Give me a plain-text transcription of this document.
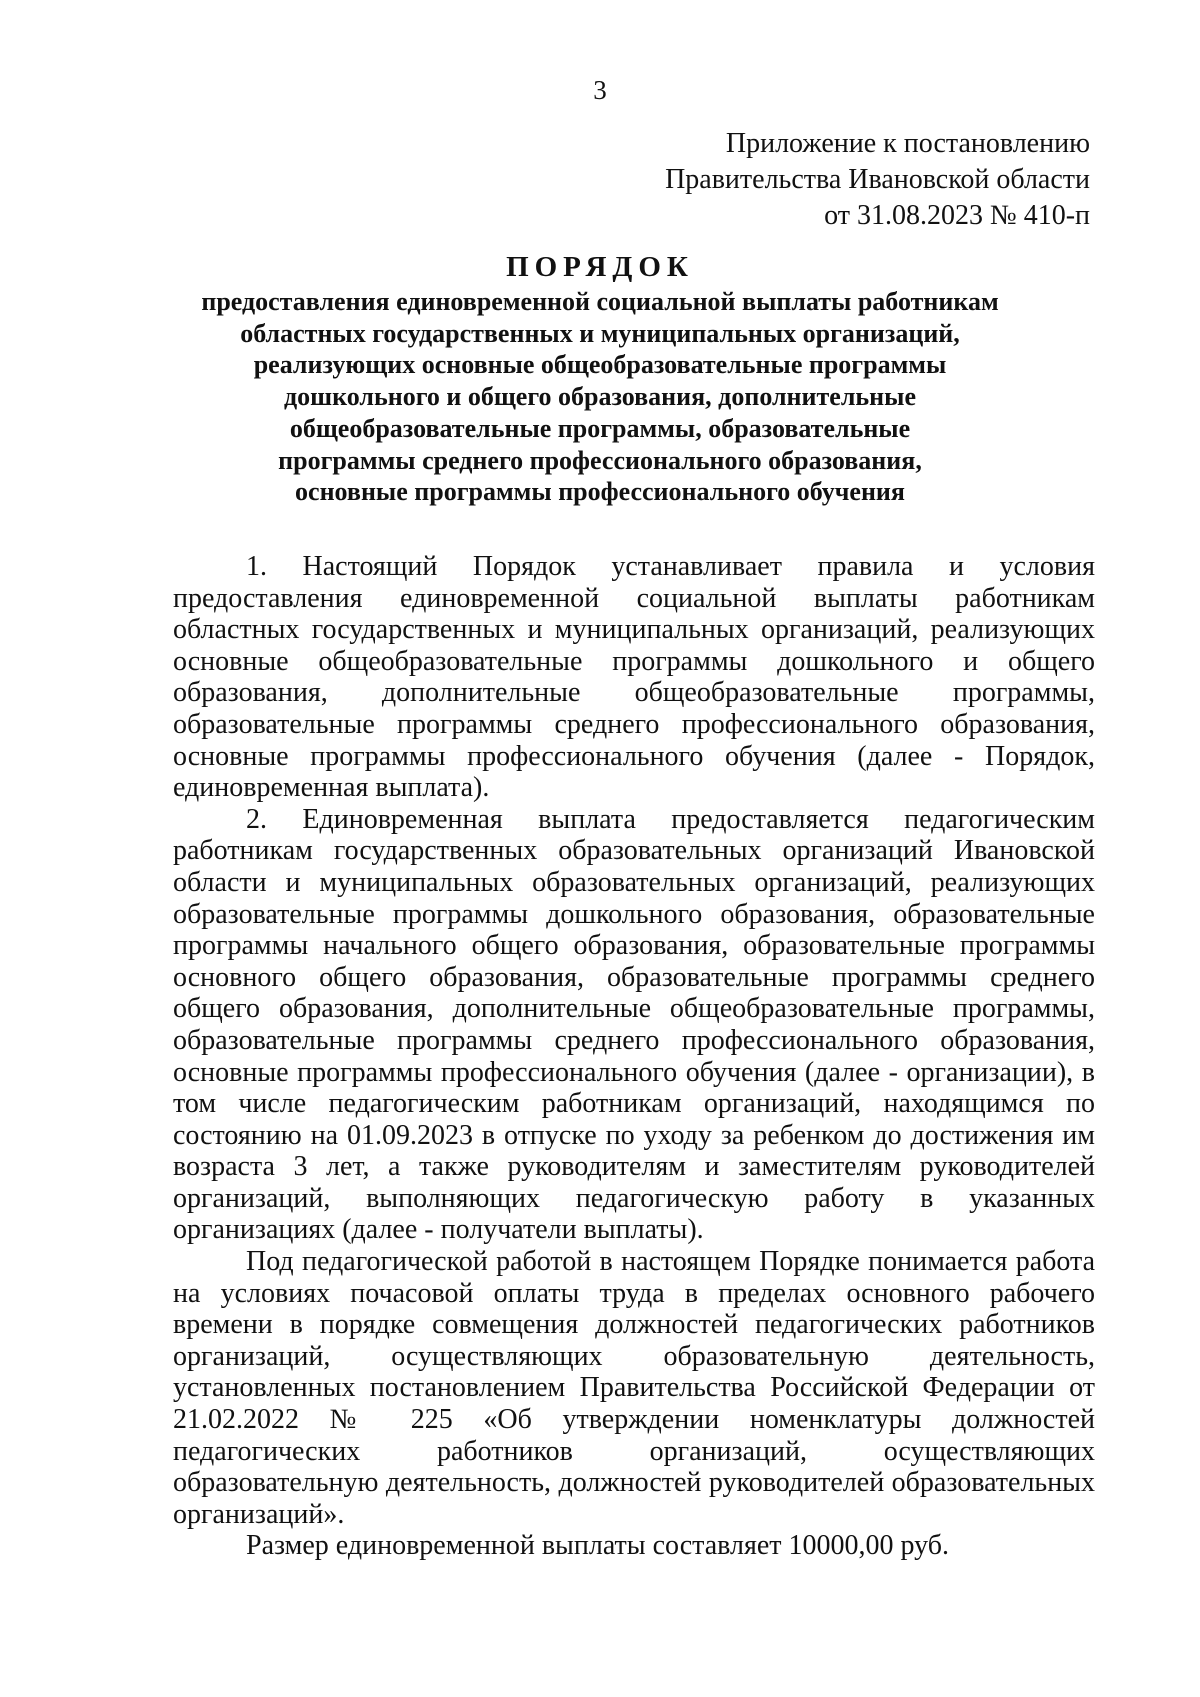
3
Приложение к постановлению
Правительства Ивановской области
от 31.08.2023 № 410-п
ПОРЯДОК
предоставления единовременной социальной выплаты работникам
областных государственных и муниципальных организаций,
реализующих основные общеобразовательные программы
дошкольного и общего образования, дополнительные
общеобразовательные программы, образовательные
программы среднего профессионального образования,
основные программы профессионального обучения

1. Настоящий Порядок устанавливает правила и условия предоставления единовременной социальной выплаты работникам областных государственных и муниципальных организаций, реализующих основные общеобразовательные программы дошкольного и общего образования, дополнительные общеобразовательные программы, образовательные программы среднего профессионального образования, основные программы профессионального обучения (далее - Порядок, единовременная выплата).

2. Единовременная выплата предоставляется педагогическим работникам государственных образовательных организаций Ивановской области и муниципальных образовательных организаций, реализующих образовательные программы дошкольного образования, образовательные программы начального общего образования, образовательные программы основного общего образования, образовательные программы среднего общего образования, дополнительные общеобразовательные программы, образовательные программы среднего профессионального образования, основные программы профессионального обучения (далее - организации), в том числе педагогическим работникам организаций, находящимся по состоянию на 01.09.2023 в отпуске по уходу за ребенком до достижения им возраста 3 лет, а также руководителям и заместителям руководителей организаций, выполняющих педагогическую работу в указанных организациях (далее - получатели выплаты).

Под педагогической работой в настоящем Порядке понимается работа на условиях почасовой оплаты труда в пределах основного рабочего времени в порядке совмещения должностей педагогических работников организаций, осуществляющих образовательную деятельность, установленных постановлением Правительства Российской Федерации от 21.02.2022 № 225 «Об утверждении номенклатуры должностей педагогических работников организаций, осуществляющих образовательную деятельность, должностей руководителей образовательных организаций».

Размер единовременной выплаты составляет 10000,00 руб.
